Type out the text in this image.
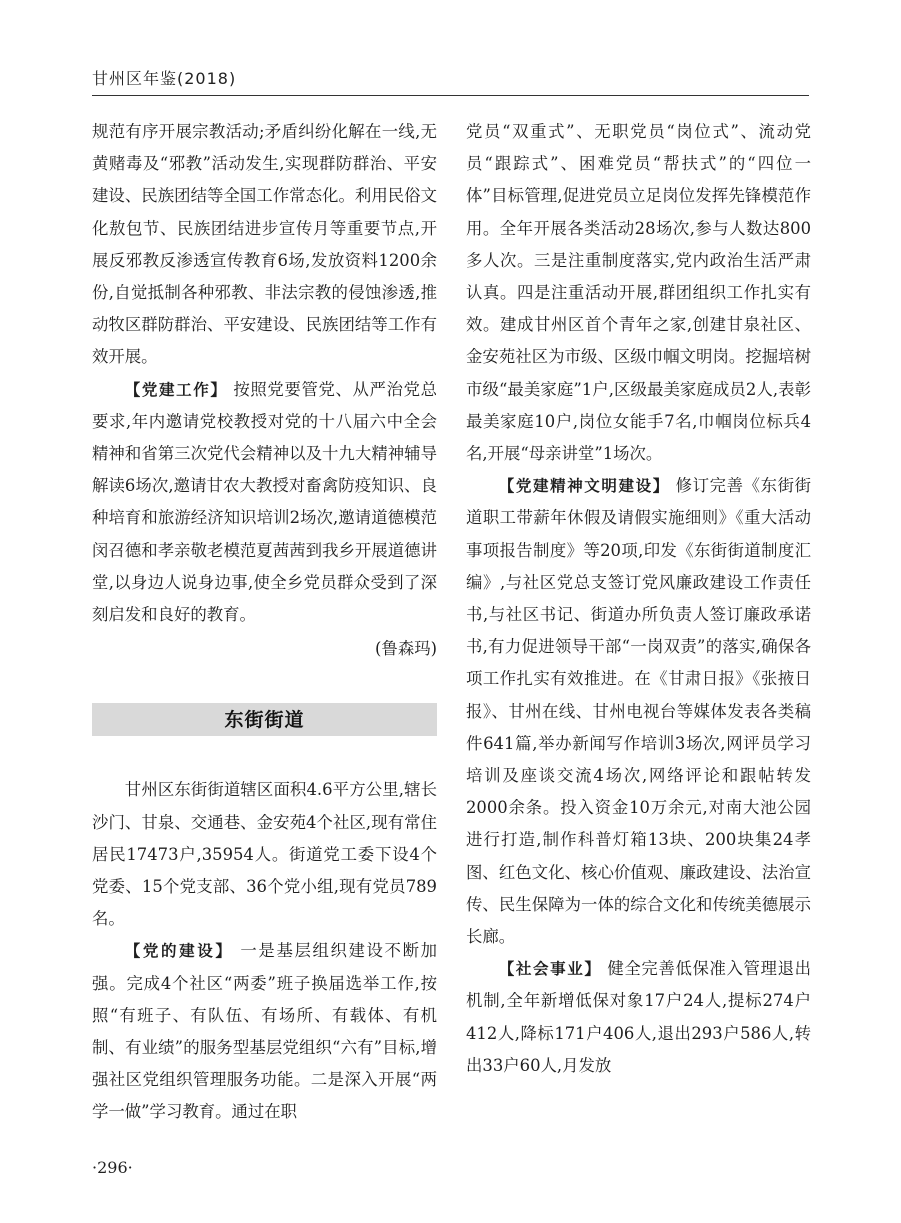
甘州区年鉴(2018)

规范有序开展宗教活动;矛盾纠纷化解在一线,无黄赌毒及“邪教”活动发生,实现群防群治、平安建设、民族团结等全国工作常态化。利用民俗文化敖包节、民族团结进步宣传月等重要节点,开展反邪教反渗透宣传教育6场,发放资料1200余份,自觉抵制各种邪教、非法宗教的侵蚀渗透,推动牧区群防群治、平安建设、民族团结等工作有效开展。

【党建工作】 按照党要管党、从严治党总要求,年内邀请党校教授对党的十八届六中全会精神和省第三次党代会精神以及十九大精神辅导解读6场次,邀请甘农大教授对畜禽防疫知识、良种培育和旅游经济知识培训2场次,邀请道德模范闵召德和孝亲敬老模范夏茜茜到我乡开展道德讲堂,以身边人说身边事,使全乡党员群众受到了深刻启发和良好的教育。

(鲁森玛)

东街街道

甘州区东街街道辖区面积4.6平方公里,辖长沙门、甘泉、交通巷、金安苑4个社区,现有常住居民17473户,35954人。街道党工委下设4个党委、15个党支部、36个党小组,现有党员789名。

【党的建设】 一是基层组织建设不断加强。完成4个社区“两委”班子换届选举工作,按照“有班子、有队伍、有场所、有载体、有机制、有业绩”的服务型基层党组织“六有”目标,增强社区党组织管理服务功能。二是深入开展“两学一做”学习教育。通过在职

党员“双重式”、无职党员“岗位式”、流动党员“跟踪式”、困难党员“帮扶式”的“四位一体”目标管理,促进党员立足岗位发挥先锋模范作用。全年开展各类活动28场次,参与人数达800多人次。三是注重制度落实,党内政治生活严肃认真。四是注重活动开展,群团组织工作扎实有效。建成甘州区首个青年之家,创建甘泉社区、金安苑社区为市级、区级巾帼文明岗。挖掘培树市级“最美家庭”1户,区级最美家庭成员2人,表彰最美家庭10户,岗位女能手7名,巾帼岗位标兵4名,开展“母亲讲堂”1场次。

【党建精神文明建设】 修订完善《东街街道职工带薪年休假及请假实施细则》《重大活动事项报告制度》等20项,印发《东街街道制度汇编》,与社区党总支签订党风廉政建设工作责任书,与社区书记、街道办所负责人签订廉政承诺书,有力促进领导干部“一岗双责”的落实,确保各项工作扎实有效推进。在《甘肃日报》《张掖日报》、甘州在线、甘州电视台等媒体发表各类稿件641篇,举办新闻写作培训3场次,网评员学习培训及座谈交流4场次,网络评论和跟帖转发2000余条。投入资金10万余元,对南大池公园进行打造,制作科普灯箱13块、200块集24孝图、红色文化、核心价值观、廉政建设、法治宣传、民生保障为一体的综合文化和传统美德展示长廊。

【社会事业】 健全完善低保准入管理退出机制,全年新增低保对象17户24人,提标274户412人,降标171户406人,退出293户586人,转出33户60人,月发放

·296·
